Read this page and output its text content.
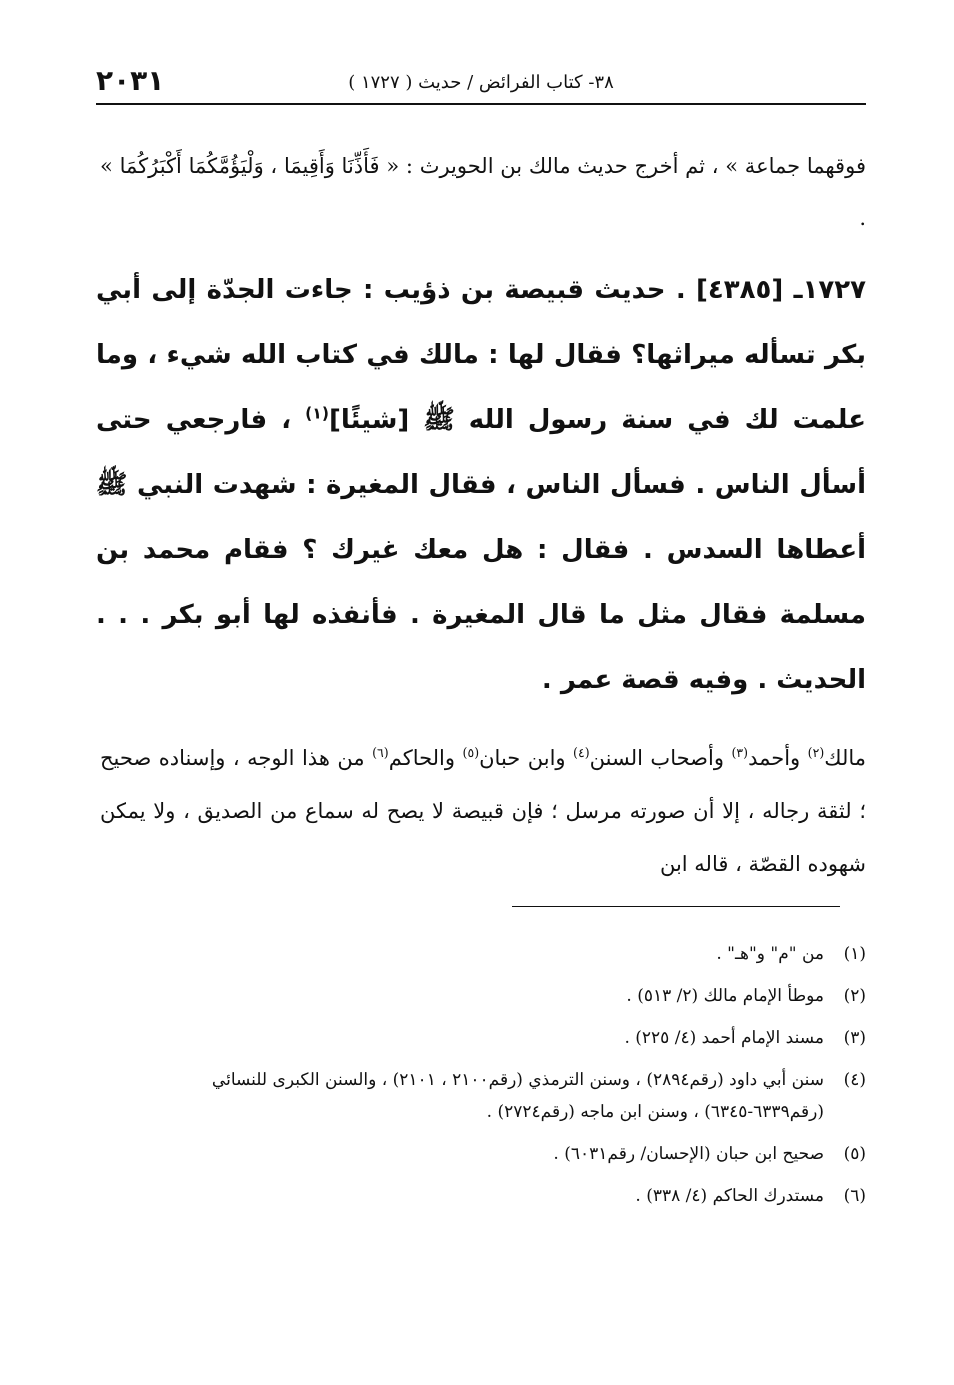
٣٨- كتاب الفرائض / حديث ( ١٧٢٧ )
٢٠٣١

فوقهما جماعة » ، ثم أخرج حديث مالك بن الحويرث : « فَأَذِّنَا وَأَقِيمَا ، وَلْيَؤُمَّكُمَا أَكْبَرُكُمَا » .

١٧٢٧ـ [٤٣٨٥] . حديث قبيصة بن ذؤيب : جاءت الجدّة إلى أبي بكر تسأله ميراثها؟ فقال لها : مالك في كتاب الله شيء ، وما علمت لك في سنة رسول الله ﷺ [شيئًا]$^{(١)}$ ، فارجعي حتى أسأل الناس . فسأل الناس ، فقال المغيرة : شهدت النبي ﷺ أعطاها السدس . فقال : هل معك غيرك ؟ فقام محمد بن مسلمة فقال مثل ما قال المغيرة . فأنفذه لها أبو بكر . . . الحديث . وفيه قصة عمر .

مالك$^{(٢)}$ وأحمد$^{(٣)}$ وأصحاب السنن$^{(٤)}$ وابن حبان$^{(٥)}$ والحاكم$^{(٦)}$ من هذا الوجه ، وإسناده صحيح ؛ لثقة رجاله ، إلا أن صورته مرسل ؛ فإن قبيصة لا يصح له سماع من الصديق ، ولا يمكن شهوده القصّة ، قاله ابن

(١)
من "م" و"هـ" .
(٢)
موطأ الإمام مالك (٢/ ٥١٣) .
(٣)
مسند الإمام أحمد (٤/ ٢٢٥) .
(٤)
سنن أبي داود (رقم٢٨٩٤) ، وسنن الترمذي (رقم٢١٠٠ ، ٢١٠١) ، والسنن الكبرى للنسائي (رقم٦٣٣٩-٦٣٤٥) ، وسنن ابن ماجه (رقم٢٧٢٤) .
(٥)
صحيح ابن حبان (الإحسان/ رقم٦٠٣١) .
(٦)
مستدرك الحاكم (٤/ ٣٣٨) .
